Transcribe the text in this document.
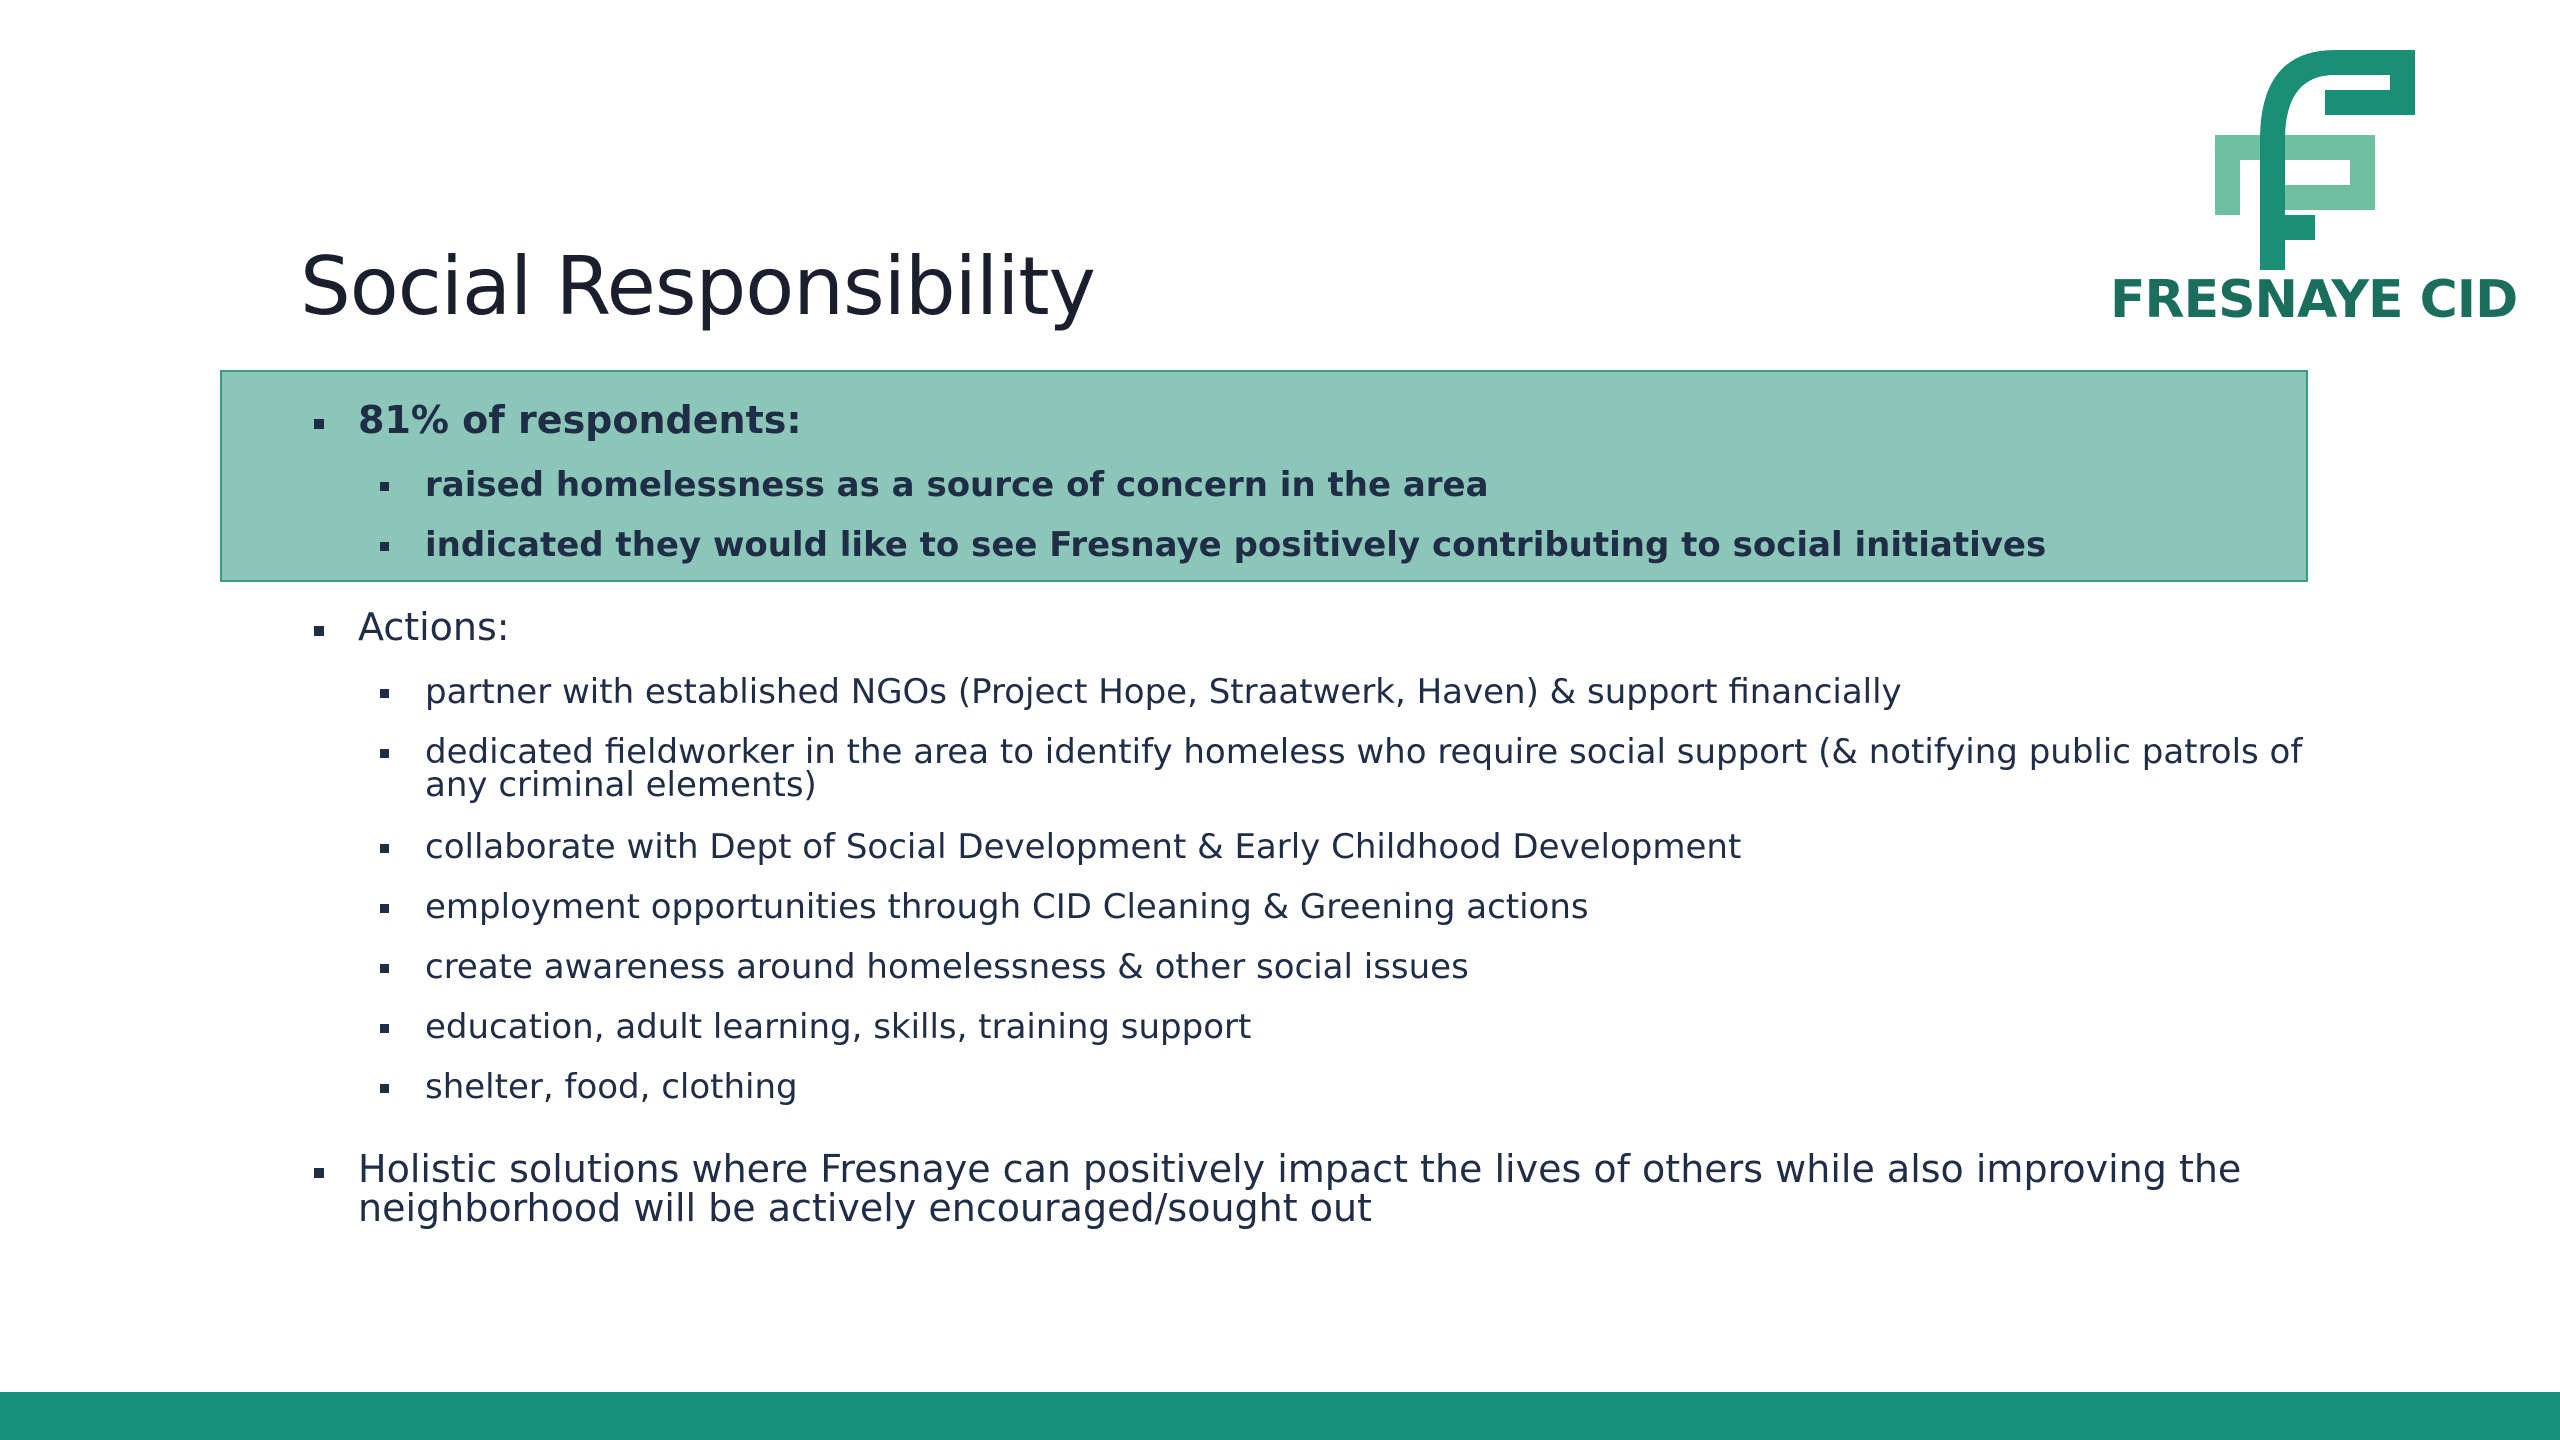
Social Responsibility	FRESNAYE CID
81% of respondents:
raised homelessness as a source of concern in the area
indicated they would like to see Fresnaye positively contributing to social initiatives
Actions:
partner with established NGOs (Project Hope, Straatwerk, Haven) & support financially
dedicated fieldworker in the area to identify homeless who require social support (& notifying public patrols of
any criminal elements)
collaborate with Dept of Social Development & Early Childhood Development
employment opportunities through CID Cleaning & Greening actions
create awareness around homelessness & other social issues
education, adult learning, skills, training support
shelter, food, clothing
Holistic solutions where Fresnaye can positively impact the lives of others while also improving the
neighborhood will be actively encouraged/sought out
